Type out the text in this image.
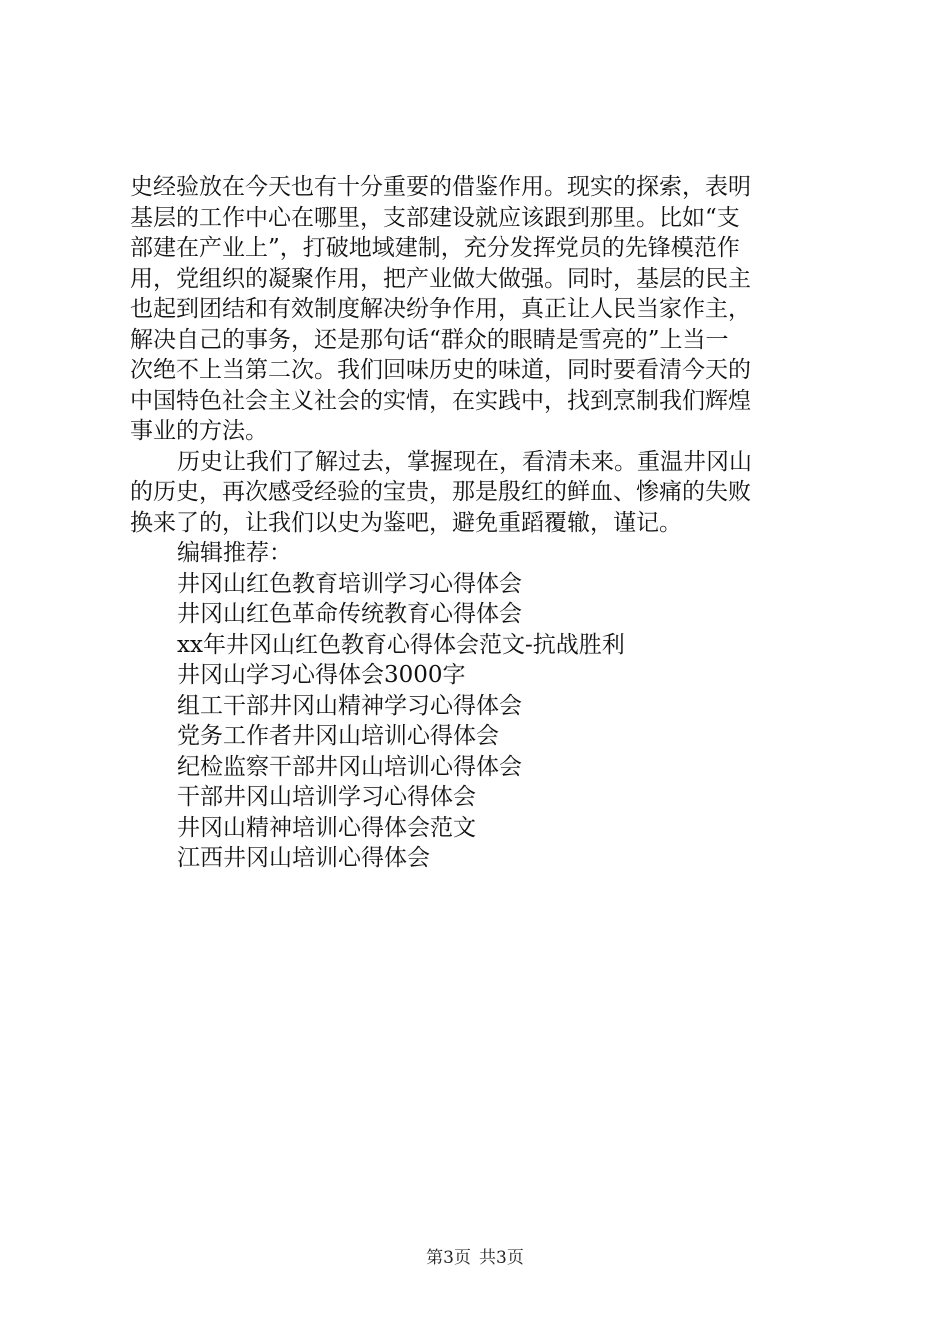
史经验放在今天也有十分重要的借鉴作用。现实的探索，表明
基层的工作中心在哪里，支部建设就应该跟到那里。比如“支
部建在产业上”，打破地域建制，充分发挥党员的先锋模范作
用，党组织的凝聚作用，把产业做大做强。同时，基层的民主
也起到团结和有效制度解决纷争作用，真正让人民当家作主，
解决自己的事务，还是那句话“群众的眼睛是雪亮的”上当一
次绝不上当第二次。我们回味历史的味道，同时要看清今天的
中国特色社会主义社会的实情，在实践中，找到烹制我们辉煌
事业的方法。
历史让我们了解过去，掌握现在，看清未来。重温井冈山
的历史，再次感受经验的宝贵，那是殷红的鲜血、惨痛的失败
换来了的，让我们以史为鉴吧，避免重蹈覆辙，谨记。
编辑推荐：
井冈山红色教育培训学习心得体会
井冈山红色革命传统教育心得体会
xx年井冈山红色教育心得体会范文-抗战胜利
井冈山学习心得体会3000字
组工干部井冈山精神学习心得体会
党务工作者井冈山培训心得体会
纪检监察干部井冈山培训心得体会
干部井冈山培训学习心得体会
井冈山精神培训心得体会范文
江西井冈山培训心得体会
第3页 共3页
